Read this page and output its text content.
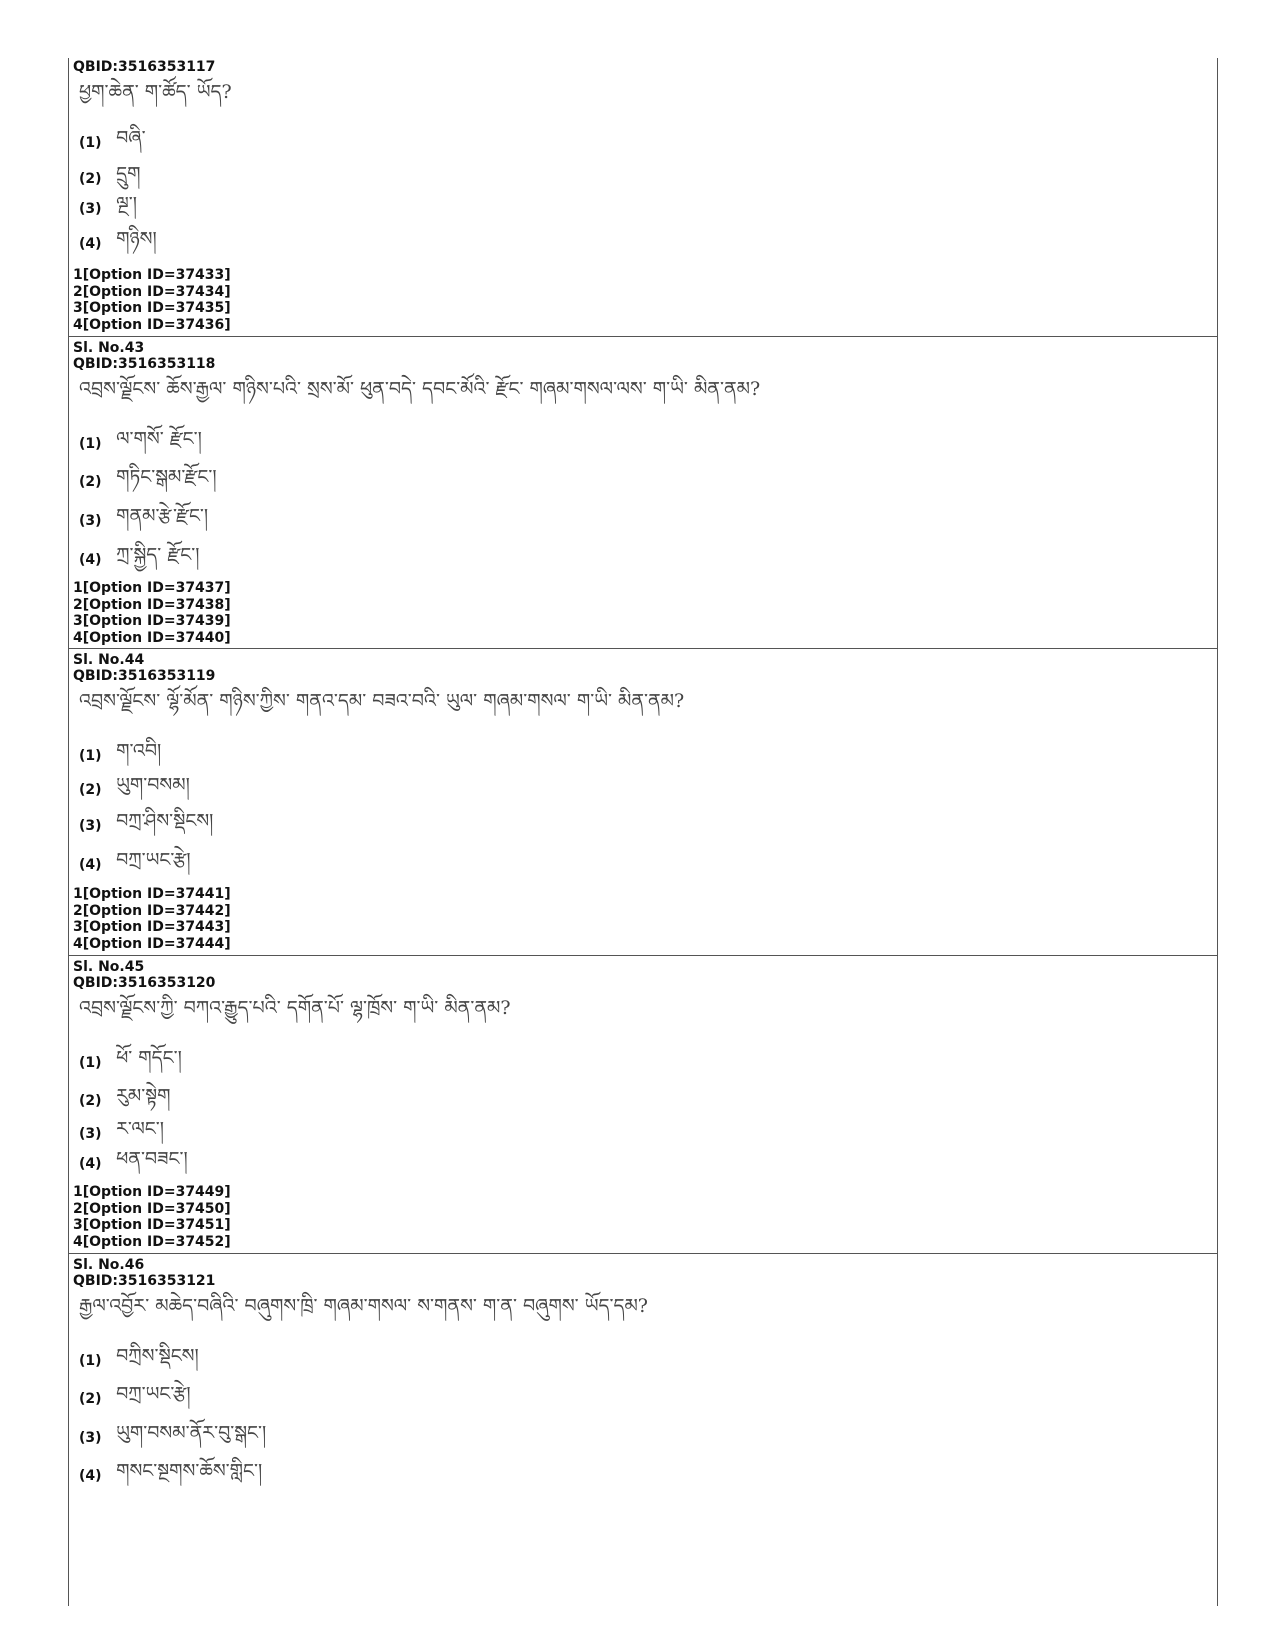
QBID:3516353117
ཕྱག་ཆེན་ ག་ཚོད་ ཡོད?
(1) བཞི་
(2) དྲུག
(3) ལྔ་།
(4) གཉིས།
1[Option ID=37433]
2[Option ID=37434]
3[Option ID=37435]
4[Option ID=37436]
Sl. No.43
QBID:3516353118
འབྲས་ལྗོངས་ ཆོས་རྒྱལ་ གཉིས་པའི་ སྲས་མོ་ ཕུན་བདེ་ དབང་མོའི་ རྫོང་ གཞམ་གསལ་ལས་ ག་ཡི་ མིན་ནམ?
(1) ལ་གསོ་ རྫོང་།
(2) གཏིང་སྒམ་རྫོང་།
(3) གནམ་རྩེ་རྫོང་།
(4) ཀྲ་སྐྱིད་ རྫོང་།
1[Option ID=37437]
2[Option ID=37438]
3[Option ID=37439]
4[Option ID=37440]
Sl. No.44
QBID:3516353119
འབྲས་ལྗོངས་ ལྷོ་མོན་ གཉིས་ཀྱིས་ གནའ་དམ་ བཟའ་བའི་ ཡུལ་ གཞམ་གསལ་ ག་ཡི་ མིན་ནམ?
(1) ག་འབི།
(2) ཡུག་བསམ།
(3) བཀྲ་ཤིས་སྡིངས།
(4) བཀྲ་ཡང་རྩེ།
1[Option ID=37441]
2[Option ID=37442]
3[Option ID=37443]
4[Option ID=37444]
Sl. No.45
QBID:3516353120
འབྲས་ལྗོངས་ཀྱི་ བཀའ་རྒྱུད་པའི་ དགོན་པོ་ ལྷ་ཁྲོས་ ག་ཡི་ མིན་ནམ?
(1) ཕོ་ གདོང་།
(2) རུམ་སྟེག
(3) ར་ལང་།
(4) ཕན་བཟང་།
1[Option ID=37449]
2[Option ID=37450]
3[Option ID=37451]
4[Option ID=37452]
Sl. No.46
QBID:3516353121
རྒྱལ་འབྱོར་ མཆེད་བཞིའི་ བཞུགས་ཁྲི་ གཞམ་གསལ་ ས་གནས་ ག་ན་ བཞུགས་ ཡོད་དམ?
(1) བཀྲིས་སྡིངས།
(2) བཀྲ་ཡང་རྩེ།
(3) ཡུག་བསམ་ནོར་བུ་སྒང་།
(4) གསང་སྔགས་ཆོས་གླིང་།
